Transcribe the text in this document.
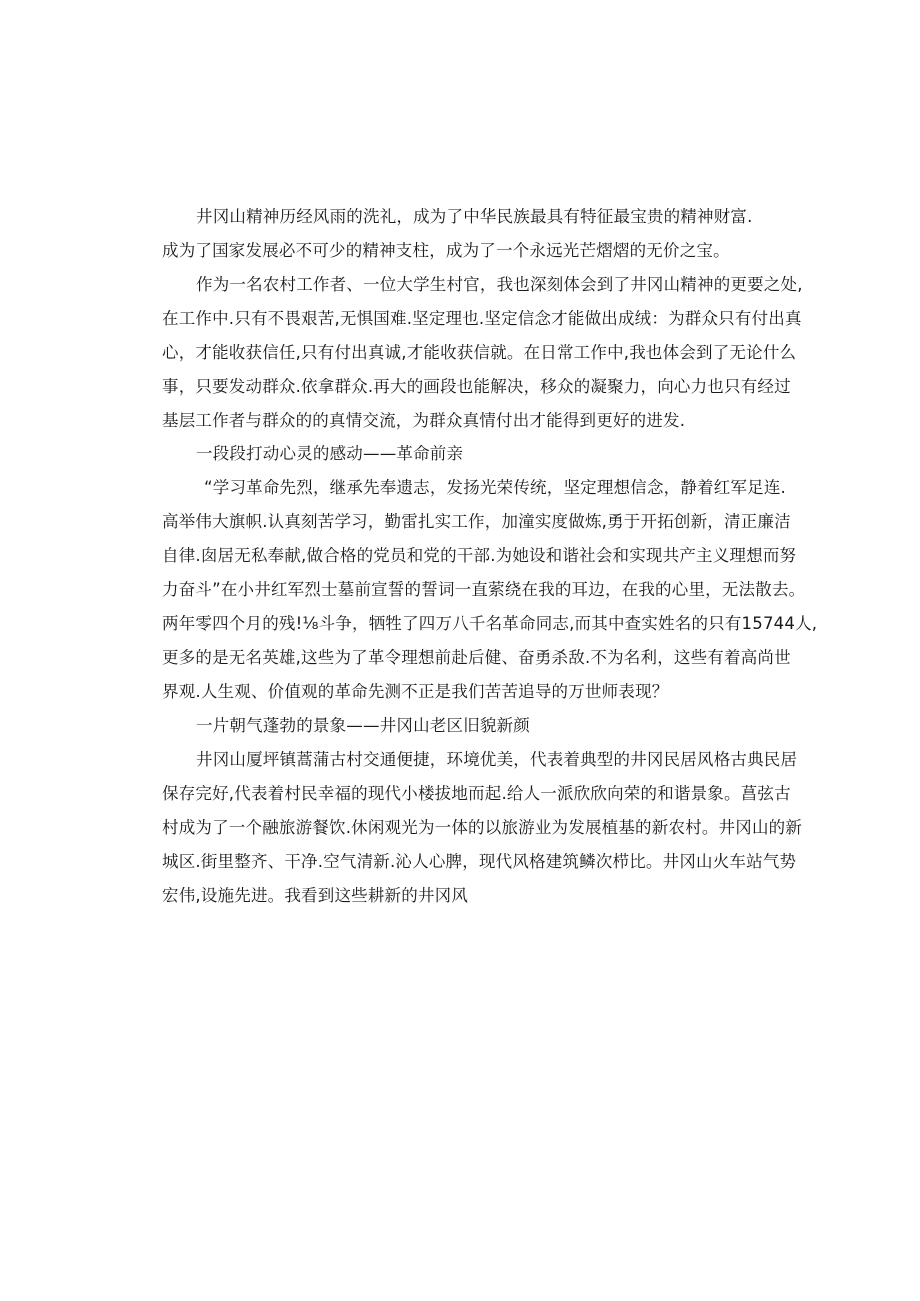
井冈山精神历经风雨的洗礼，成为了中华民族最具有特征最宝贵的精神财富.
成为了国家发展必不可少的精神支柱，成为了一个永远光芒熠熠的无价之宝。
作为一名农村工作者、一位大学生村官，我也深刻体会到了井冈山精神的更要之处,
在工作中.只有不畏艰苦,无惧国难.坚定理也.坚定信念才能做出成绒：为群众只有付出真
心，才能收获信任,只有付出真诚,才能收获信就。在日常工作中,我也体会到了无论什么
事，只要发动群众.依拿群众.再大的画段也能解决，移众的凝聚力，向心力也只有经过
基层工作者与群众的的真情交流，为群众真情付出才能得到更好的进发.
一段段打动心灵的感动——革命前亲
“学习革命先烈，继承先奉遗志，发扬光荣传统，坚定理想信念，静着红军足连.
高举伟大旗帜.认真刻苦学习，勤雷扎实工作，加潼实度做炼,勇于开拓创新，清正廉洁
自律.囱居无私奉献,做合格的党员和党的干部.为她设和谐社会和实现共产主义理想而努
力奋斗”在小井红军烈士墓前宣誓的誓词一直萦绕在我的耳边，在我的心里，无法散去。
两年零四个月的残!⅛斗争，牺牲了四万八千名革命同志,而其中查实姓名的只有15744人,
更多的是无名英雄,这些为了革令理想前赴后健、奋勇杀敌.不为名利，这些有着高尚世
界观.人生观、价值观的革命先测不正是我们苦苦追导的万世师表现？
一片朝气蓬勃的景象——井冈山老区旧貌新颜
井冈山厦坪镇蒿蒲古村交通便捷，环境优美，代表着典型的井冈民居风格古典民居
保存完好,代表着村民幸福的现代小楼拔地而起.给人一派欣欣向荣的和谐景象。菖弦古
村成为了一个融旅游餐饮.休闲观光为一体的以旅游业为发展植基的新农村。井冈山的新
城区.街里整齐、干净.空气清新.沁人心脾，现代风格建筑鳞次栉比。井冈山火车站气势
宏伟,设施先进。我看到这些耕新的井冈风
